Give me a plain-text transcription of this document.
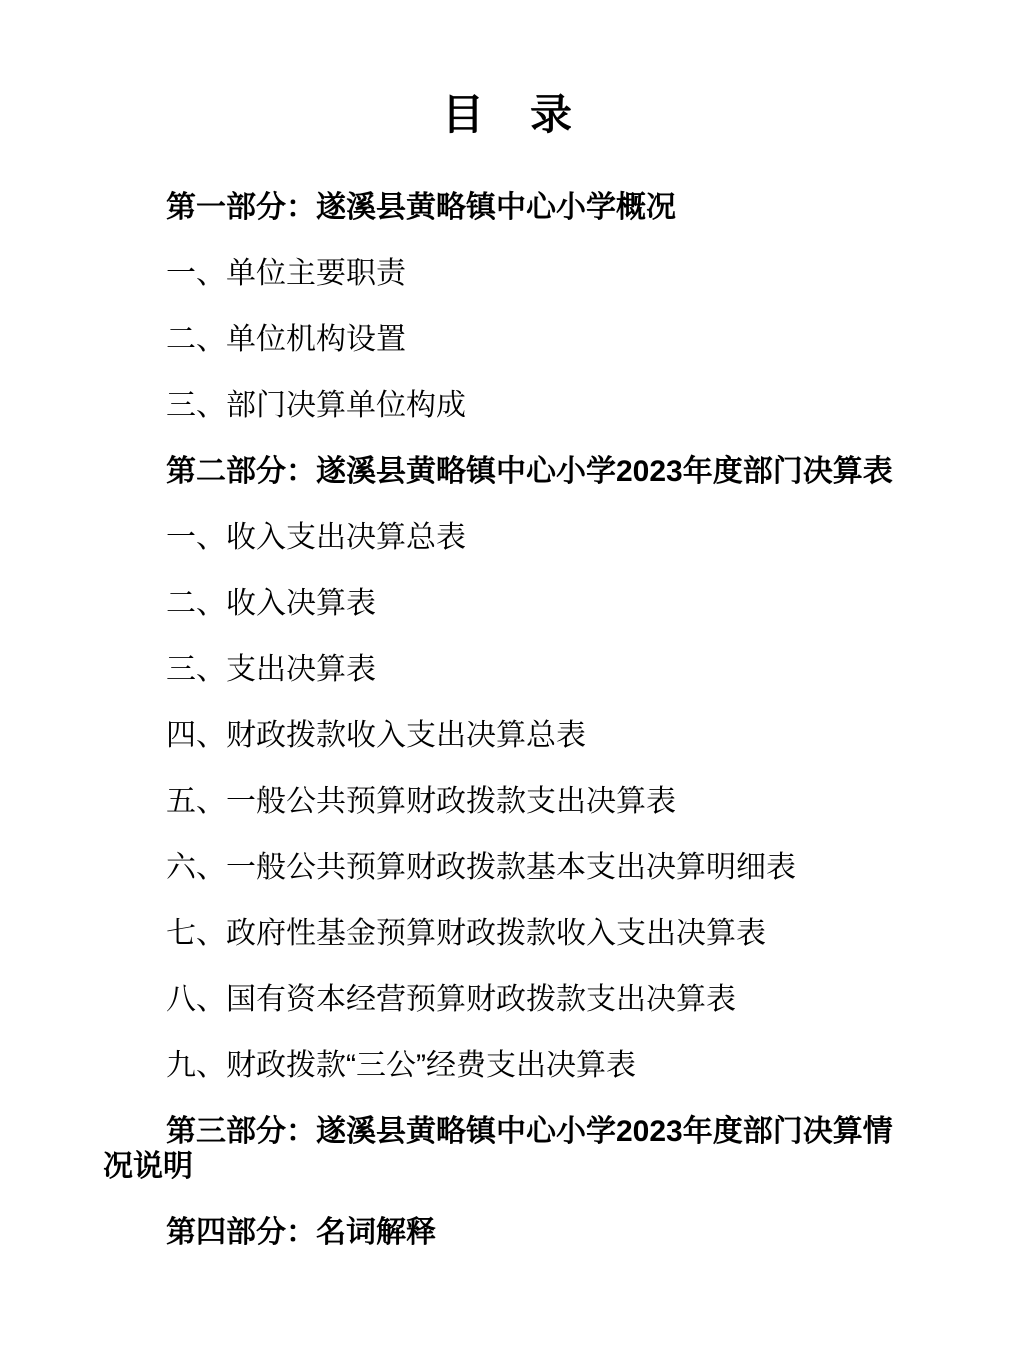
目　录

第一部分：遂溪县黄略镇中心小学概况

一、单位主要职责

二、单位机构设置

三、部门决算单位构成

第二部分：遂溪县黄略镇中心小学2023年度部门决算表

一、收入支出决算总表

二、收入决算表

三、支出决算表

四、财政拨款收入支出决算总表

五、一般公共预算财政拨款支出决算表

六、一般公共预算财政拨款基本支出决算明细表

七、政府性基金预算财政拨款收入支出决算表

八、国有资本经营预算财政拨款支出决算表

九、财政拨款“三公”经费支出决算表

第三部分：遂溪县黄略镇中心小学2023年度部门决算情况说明

第四部分：名词解释
